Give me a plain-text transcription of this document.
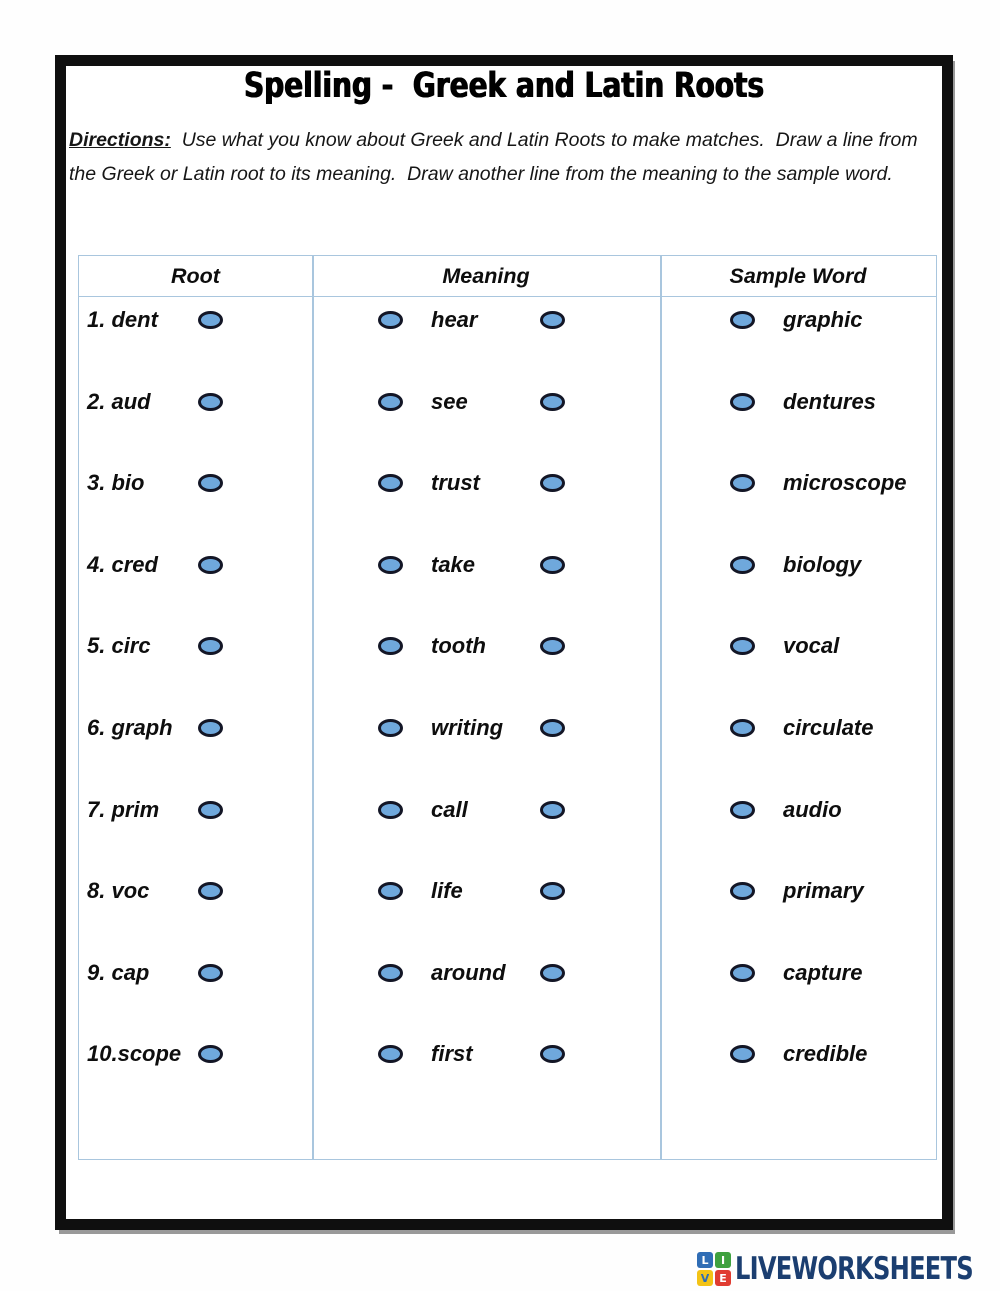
Spelling -  Greek and Latin Roots
Directions:  Use what you know about Greek and Latin Roots to make matches.  Draw a line from the Greek or Latin root to its meaning.  Draw another line from the meaning to the sample word.
Root	Meaning	Sample Word
1. dent	hear	graphic
2. aud	see	dentures
3. bio	trust	microscope
4. cred	take	biology
5. circ	tooth	vocal
6. graph	writing	circulate
7. prim	call	audio
8. voc	life	primary
9. cap	around	capture
10.scope	first	credible
L	I
V E LIVEWORKSHEETS
